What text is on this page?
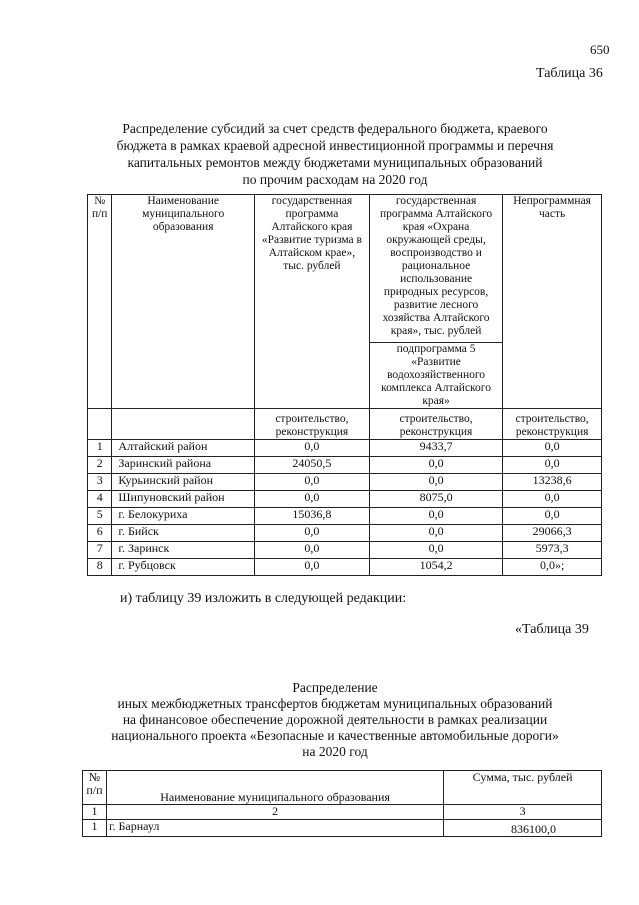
650
Таблица 36
Распределение субсидий за счет средств федерального бюджета, краевого
бюджета в рамках краевой адресной инвестиционной программы и перечня
капитальных ремонтов между бюджетами муниципальных образований
по прочим расходам на 2020 год
№ п/п	Наименование муниципального образования	государственная программа Алтайского края «Развитие туризма в Алтайском крае», тыс. рублей	государственная программа Алтайского края «Охрана окружающей среды, воспроизводство и рациональное использование природных ресурсов, развитие лесного хозяйства Алтайского края», тыс. рублей	Непрограммная часть
			подпрограмма 5 «Развитие водохозяйственного комплекса Алтайского края»	
		строительство, реконструкция	строительство, реконструкция	строительство, реконструкция
1	Алтайский район	0,0	9433,7	0,0
2	Заринский района	24050,5	0,0	0,0
3	Курьинский район	0,0	0,0	13238,6
4	Шипуновский район	0,0	8075,0	0,0
5	г. Белокуриха	15036,8	0,0	0,0
6	г. Бийск	0,0	0,0	29066,3
7	г. Заринск	0,0	0,0	5973,3
8	г. Рубцовск	0,0	1054,2	0,0»;
и) таблицу 39 изложить в следующей редакции:
«Таблица 39
Распределение
иных межбюджетных трансфертов бюджетам муниципальных образований
на финансовое обеспечение дорожной деятельности в рамках реализации
национального проекта «Безопасные и качественные автомобильные дороги»
на 2020 год
№ п/п	Наименование муниципального образования	Сумма, тыс. рублей
1	2	3
1	г. Барнаул	836100,0
